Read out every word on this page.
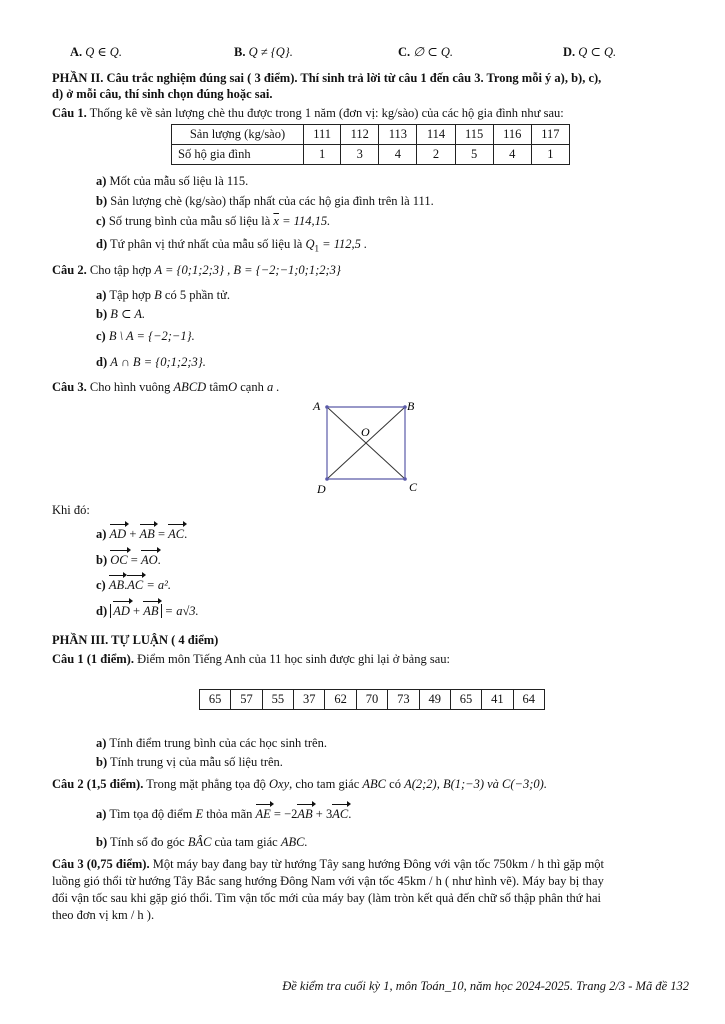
A. Q ∈ Q.	B. Q ≠ {Q}.	C. ∅ ⊂ Q.	D. Q ⊂ Q.
PHẦN II. Câu trắc nghiệm đúng sai ( 3 điểm). Thí sinh trả lời từ câu 1 đến câu 3. Trong mỗi ý a), b), c),
d) ở mỗi câu, thí sinh chọn đúng hoặc sai.
Câu 1. Thống kê về sản lượng chè thu được trong 1 năm (đơn vị: kg/sào) của các hộ gia đình như sau:
Sản lượng (kg/sào)	111	112	113	114	115	116	117
Số hộ gia đình	1	3	4	2	5	4	1
a) Mốt của mẫu số liệu là 115.
b) Sản lượng chè (kg/sào) thấp nhất của các hộ gia đình trên là 111.
c) Số trung bình của mẫu số liệu là $\overline{x} = 114,15$.
d) Tứ phân vị thứ nhất của mẫu số liệu là $Q_1 = 112,5$ .
Câu 2. Cho tập hợp A = {0;1;2;3} , B = {−2;−1;0;1;2;3}
a) Tập hợp B có 5 phần tử.
b) B ⊂ A.
c) B \ A = {−2;−1}.
d) A ∩ B = {0;1;2;3}.
Câu 3. Cho hình vuông ABCD tâmO cạnh a .
A	B
C
D
O
Khi đó:
a) AD + AB = AC.
b) OC = AO.
c) AB.AC = a².
d) AD + AB = a√3.
PHẦN III. TỰ LUẬN ( 4 điểm)
Câu 1 (1 điểm). Điểm môn Tiếng Anh của 11 học sinh được ghi lại ở bảng sau:
65	57	55	37	62	70	73	49	65	41	64
a) Tính điểm trung bình của các học sinh trên.
b) Tính trung vị của mẫu số liệu trên.
Câu 2 (1,5 điểm). Trong mặt phẳng tọa độ Oxy, cho tam giác ABC có A(2;2), B(1;−3) và C(−3;0).
a) Tìm tọa độ điểm E thỏa mãn AE = −2AB + 3AC.
b) Tính số đo góc BÂC của tam giác ABC.
Câu 3 (0,75 điểm). Một máy bay đang bay từ hướng Tây sang hướng Đông với vận tốc 750km / h thì gặp một
luồng gió thổi từ hướng Tây Bắc sang hướng Đông Nam với vận tốc 45km / h ( như hình vẽ). Máy bay bị thay
đổi vận tốc sau khi gặp gió thổi. Tìm vận tốc mới của máy bay (làm tròn kết quả đến chữ số thập phân thứ hai
theo đơn vị km / h ).
Đề kiểm tra cuối kỳ 1, môn Toán_10, năm học 2024-2025. Trang 2/3 - Mã đề 132
